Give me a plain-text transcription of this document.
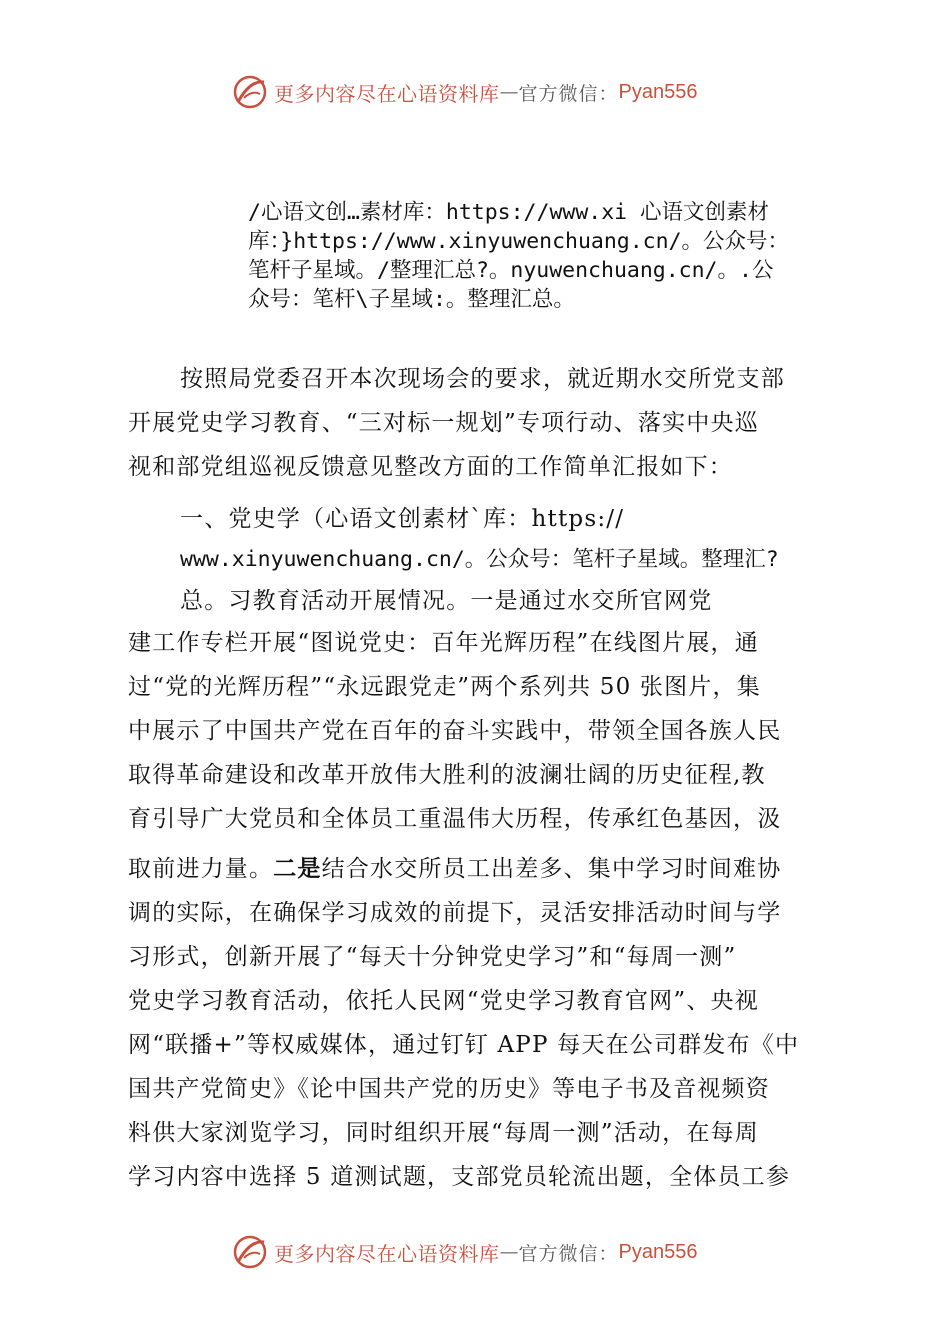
更多内容尽在心语资料库 — 官方微信： Pyan556
/心语文创…素材库：https://www.xi 心语文创素材
库：}https://www.xinyuwenchuang.cn/。公众号：
笔杆子星域。/整理汇总?。nyuwenchuang.cn/。.公
众号：笔杆\子星域:。整理汇总。
按照局党委召开本次现场会的要求，就近期水交所党支部
开展党史学习教育、“三对标一规划”专项行动、落实中央巡
视和部党组巡视反馈意见整改方面的工作简单汇报如下：
一、党史学（心语文创素材`库：https://
www.xinyuwenchuang.cn/。公众号：笔杆子星域。整理汇?
总。习教育活动开展情况。一是通过水交所官网党
建工作专栏开展“图说党史：百年光辉历程”在线图片展，通
过“党的光辉历程”“永远跟党走”两个系列共 50 张图片，集
中展示了中国共产党在百年的奋斗实践中，带领全国各族人民
取得革命建设和改革开放伟大胜利的波澜壮阔的历史征程,教
育引导广大党员和全体员工重温伟大历程，传承红色基因，汲
取前进力量。二是结合水交所员工出差多、集中学习时间难协
调的实际，在确保学习成效的前提下，灵活安排活动时间与学
习形式，创新开展了“每天十分钟党史学习”和“每周一测”
党史学习教育活动，依托人民网“党史学习教育官网”、央视
网“联播+”等权威媒体，通过钉钉 APP 每天在公司群发布《中
国共产党简史》《论中国共产党的历史》等电子书及音视频资
料供大家浏览学习，同时组织开展“每周一测”活动，在每周
学习内容中选择 5 道测试题，支部党员轮流出题，全体员工参
更多内容尽在心语资料库 — 官方微信： Pyan556
